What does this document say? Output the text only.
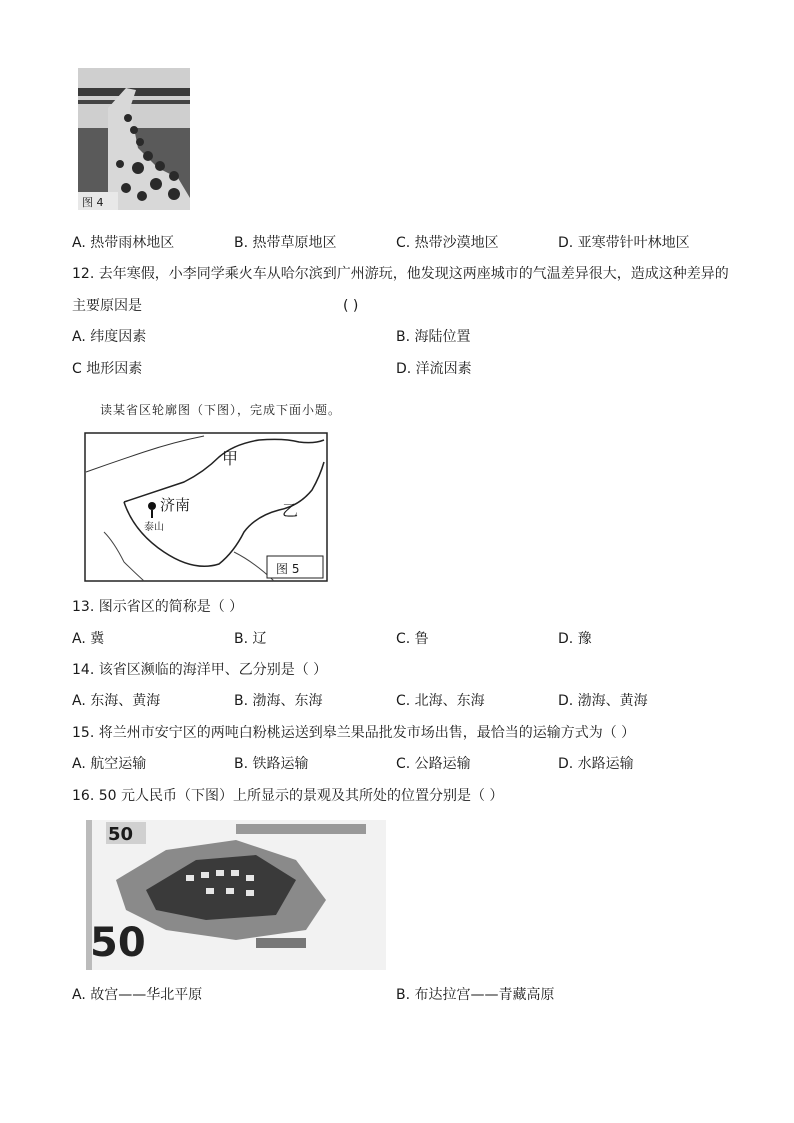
图 4
A. 热带雨林地区	B. 热带草原地区	C. 热带沙漠地区	D. 亚寒带针叶林地区
12. 去年寒假，小李同学乘火车从哈尔滨到广州游玩，他发现这两座城市的气温差异很大，造成这种差异的
主要原因是	( )
A. 纬度因素	B. 海陆位置
C 地形因素	D. 洋流因素
读某省区轮廓图（下图），完成下面小题。
甲
乙
济南
泰山
图 5
13. 图示省区的简称是（ ）
A. 冀	B. 辽	C. 鲁	D. 豫
14. 该省区濒临的海洋甲、乙分别是（ ）
A. 东海、黄海	B. 渤海、东海	C. 北海、东海	D. 渤海、黄海
15. 将兰州市安宁区的两吨白粉桃运送到皋兰果品批发市场出售，最恰当的运输方式为（ ）
A. 航空运输	B. 铁路运输	C. 公路运输	D. 水路运输
16. 50 元人民币（下图）上所显示的景观及其所处的位置分别是（ ）
50
50
A. 故宫——华北平原	B. 布达拉宫——青藏高原
